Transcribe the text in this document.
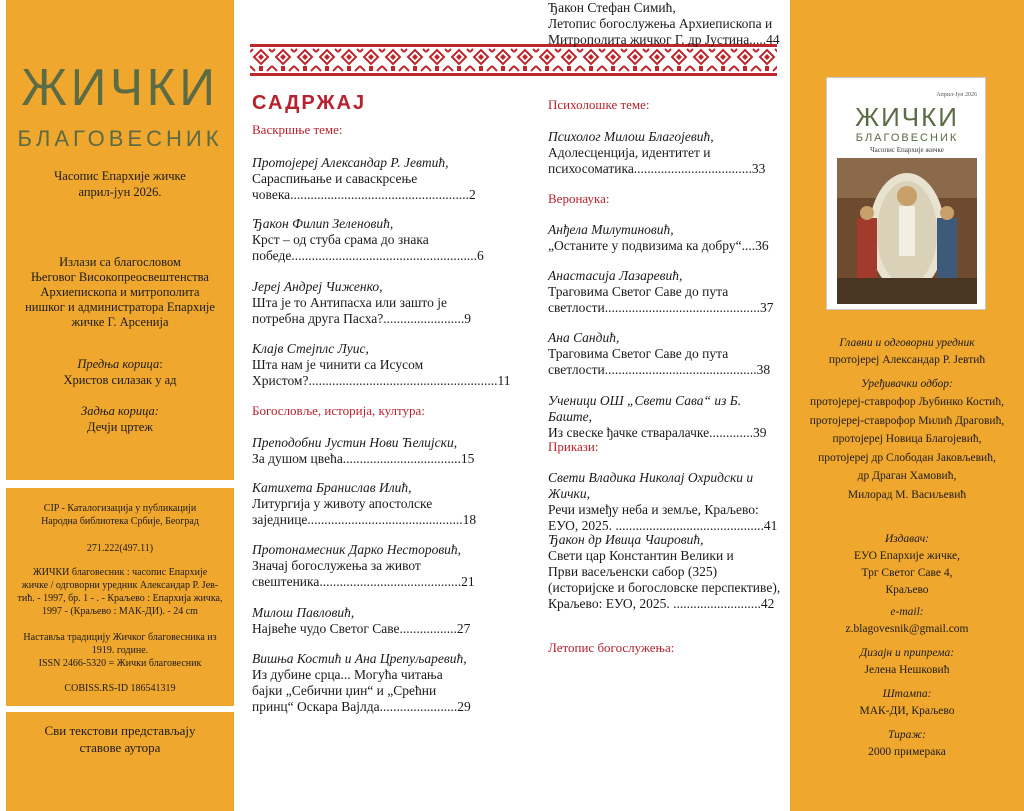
ЖИЧКИ
БЛАГОВЕСНИК
Часопис Епархије жичке
април-јун 2026.
Излази са благословом
Његовог Високопреосвештенства
Архиепископа и митрополита
нишког и администратора Епархије
жичке Г. Арсенија
Предња корица:
Христов силазак у ад
Задња корица:
Дечји цртеж
CIP - Каталогизација у публикацији
Народна библиотека Србије, Београд
271.222(497.11)
ЖИЧКИ благовесник : часопис Епархије
жичке / одговорни уредник Александар Р. Јев-
тић. - 1997, бр. 1 - . - Краљево : Епархија жичка,
1997 - (Краљево : МАК-ДИ). - 24 cm
Наставља традицију Жичког благовесника из
1919. године.
ISSN 2466-5320 = Жички благовесник
COBISS.RS-ID 186541319
Сви текстови представљају
ставове аутора
САДРЖАЈ
Васкршње теме:
Протојереј Александар Р. Јевтић,
Сараспињање и саваскрсење
човека.....................................................2
Ђакон Филип Зеленовић,
Крст – од стуба срама до знака
победе.......................................................6
Јереј Андреј Чиженко,
Шта је то Антипасха или зашто је
потребна друга Пасха?........................9
Клајв Стејплс Луис,
Шта нам је чинити са Исусом
Христом?........................................................11
Богословље, историја, култура:
Преподобни Јустин Нови Ћелијски,
За душом цвећа...................................15
Катихета Бранислав Илић,
Литургија у животу апостолске
заједнице..............................................18
Протонамесник Дарко Несторовић,
Значај богослужења за живот
свештеника..........................................21
Милош Павловић,
Највеће чудо Светог Саве.................27
Вишња Костић и Ана Црепуљаревић,
Из дубине срца... Могућа читања
бајки „Себични џин“ и „Срећни
принц“ Оскара Вајлда.......................29
Психолошке теме:
Психолог Милош Благојевић,
Адолесценција, идентитет и
психосоматика...................................33
Веронаука:
Анђела Милутиновић,
„Останите у подвизима ка добру“....36
Анастасија Лазаревић,
Траговима Светог Саве до пута
светлости..............................................37
Ана Сандић,
Траговима Светог Саве до пута
светлости.............................................38
Ученици ОШ „Свети Сава“ из Б. Баште,
Из свеске ђачке стваралачке.............39
Прикази:
Свети Владика Николај Охридски и Жички,
Речи између неба и земље, Краљево:
ЕУО, 2025. ............................................41
Ђакон др Ивица Чаировић,
Свети цар Константин Велики и
Први васељенски сабор (325)
(историјске и богословске перспективе),
Краљево: ЕУО, 2025. ..........................42
Летопис богослужења:
Ђакон Стефан Симић,
Летопис богослужења Архиепископа и
Митрополита жичког Г. др Јустина.....44
Април-Јун 2026
ЖИЧКИ
БЛАГОВЕСНИК
Часопис Епархије жичке
Главни и одговорни уредник
протојереј Александар Р. Јевтић
Уређивачки одбор:
протојереј-ставрофор Љубинко Костић,
протојереј-ставрофор Милић Драговић,
протојереј Новица Благојевић,
протојереј др Слободан Јаковљевић,
др Драган Хамовић,
Милорад М. Васиљевић
Издавач:
ЕУО Епархије жичке,
Трг Светог Саве 4,
Краљево
e-mail:
z.blagovesnik@gmail.com
Дизајн и припрема:
Јелена Нешковић
Штампа:
МАК-ДИ, Краљево
Тираж:
2000 примерака
